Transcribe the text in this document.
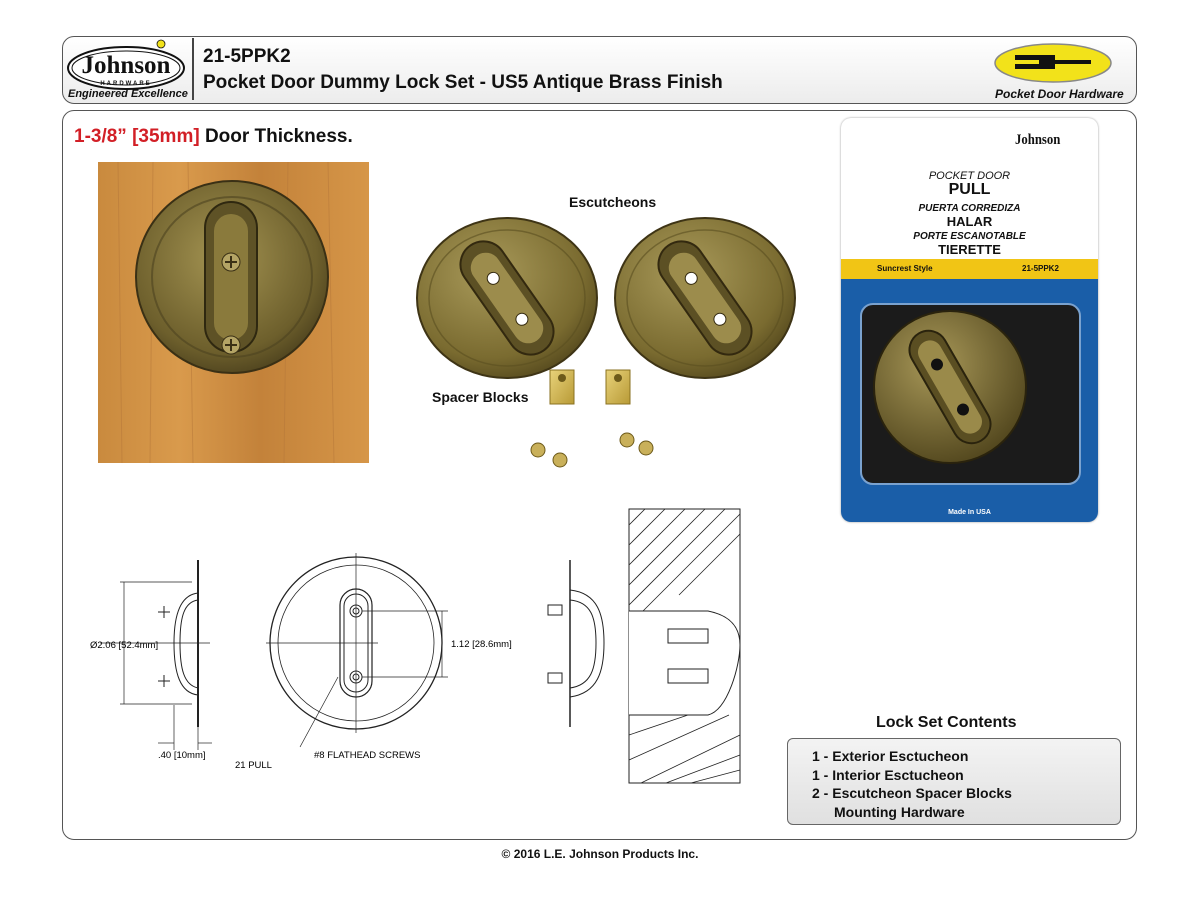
Johnson
HARDWARE
Engineered Excellence
21-5PPK2
Pocket Door Dummy Lock Set - US5 Antique Brass Finish
Pocket Door Hardware
1-3/8” [35mm] Door Thickness.
Escutcheons
Spacer Blocks
Johnson
POCKET DOOR
PULL
PUERTA CORREDIZA
HALAR
PORTE ESCANOTABLE
TIERETTE
Suncrest Style	21-5PPK2
Made In USA
Ø2.06 [52.4mm]
.40 [10mm]
1.12 [28.6mm]
21 PULL
#8 FLATHEAD SCREWS
Lock Set Contents
1 - Exterior Esctucheon
1 - Interior Esctucheon
2 - Escutcheon Spacer Blocks
Mounting Hardware
© 2016 L.E. Johnson Products Inc.
